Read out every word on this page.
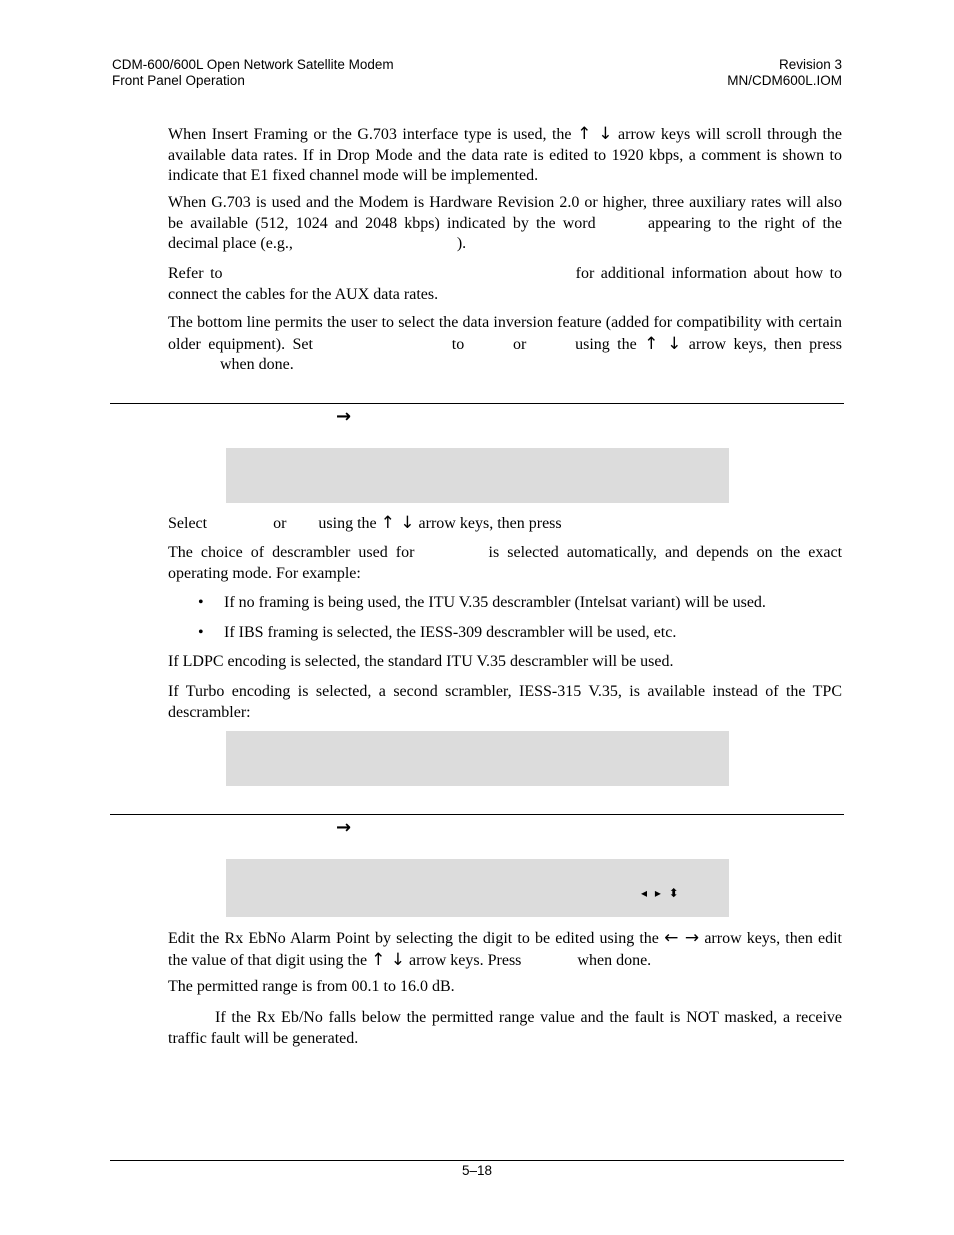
CDM-600/600L Open Network Satellite Modem
Front Panel Operation
Revision 3
MN/CDM600L.IOM
When Insert Framing or the G.703 interface type is used, the ↑ ↓ arrow keys will scroll through the available data rates. If in Drop Mode and the data rate is edited to 1920 kbps, a comment is shown to indicate that E1 fixed channel mode will be implemented.
When G.703 is used and the Modem is Hardware Revision 2.0 or higher, three auxiliary rates will also be available (512, 1024 and 2048 kbps) indicated by the word	appearing to the right of the decimal place (e.g.,	).
Refer to	for additional information about how to connect the cables for the AUX data rates.
The bottom line permits the user to select the data inversion feature (added for compatibility with certain older equipment). Set	to	or	using the ↑ ↓ arrow keys, then press  when done.
→
Select	or using the ↑ ↓ arrow keys, then press
The choice of descrambler used for	is selected automatically, and depends on the exact operating mode. For example:
• If no framing is being used, the ITU V.35 descrambler (Intelsat variant) will be used.
• If IBS framing is selected, the IESS-309 descrambler will be used, etc.
If LDPC encoding is selected, the standard ITU V.35 descrambler will be used.
If Turbo encoding is selected, a second scrambler, IESS-315 V.35, is available instead of the TPC descrambler:
→
◂ ▸ ⬍
Edit the Rx EbNo Alarm Point by selecting the digit to be edited using the ← → arrow keys, then edit the value of that digit using the ↑ ↓ arrow keys. Press	when done.
The permitted range is from 00.1 to 16.0 dB.
If the Rx Eb/No falls below the permitted range value and the fault is NOT masked, a receive traffic fault will be generated.
5–18
